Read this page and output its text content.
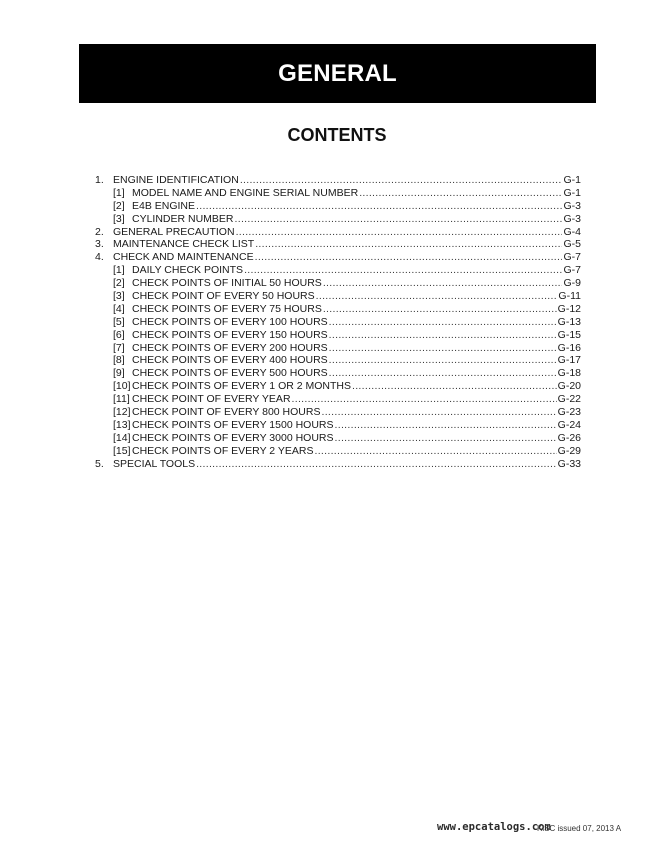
GENERAL
CONTENTS
1. ENGINE IDENTIFICATION .....	G-1
[1] MODEL NAME AND ENGINE SERIAL NUMBER .....	G-1
[2] E4B ENGINE .....	G-3
[3] CYLINDER NUMBER .....	G-3
2. GENERAL PRECAUTION .....	G-4
3. MAINTENANCE CHECK LIST .....	G-5
4. CHECK AND MAINTENANCE .....	G-7
[1] DAILY CHECK POINTS .....	G-7
[2] CHECK POINTS OF INITIAL 50 HOURS .....	G-9
[3] CHECK POINT OF EVERY 50 HOURS .....	G-11
[4] CHECK POINTS OF EVERY 75 HOURS .....	G-12
[5] CHECK POINTS OF EVERY 100 HOURS .....	G-13
[6] CHECK POINTS OF EVERY 150 HOURS .....	G-15
[7] CHECK POINTS OF EVERY 200 HOURS .....	G-16
[8] CHECK POINTS OF EVERY 400 HOURS .....	G-17
[9] CHECK POINTS OF EVERY 500 HOURS .....	G-18
[10] CHECK POINTS OF EVERY 1 OR 2 MONTHS .....	G-20
[11] CHECK POINT OF EVERY YEAR .....	G-22
[12] CHECK POINT OF EVERY 800 HOURS .....	G-23
[13] CHECK POINTS OF EVERY 1500 HOURS .....	G-24
[14] CHECK POINTS OF EVERY 3000 HOURS .....	G-26
[15] CHECK POINTS OF EVERY 2 YEARS .....	G-29
5. SPECIAL TOOLS .....	G-33
www.epcatalogs.com
KiSC issued 07, 2013 A
